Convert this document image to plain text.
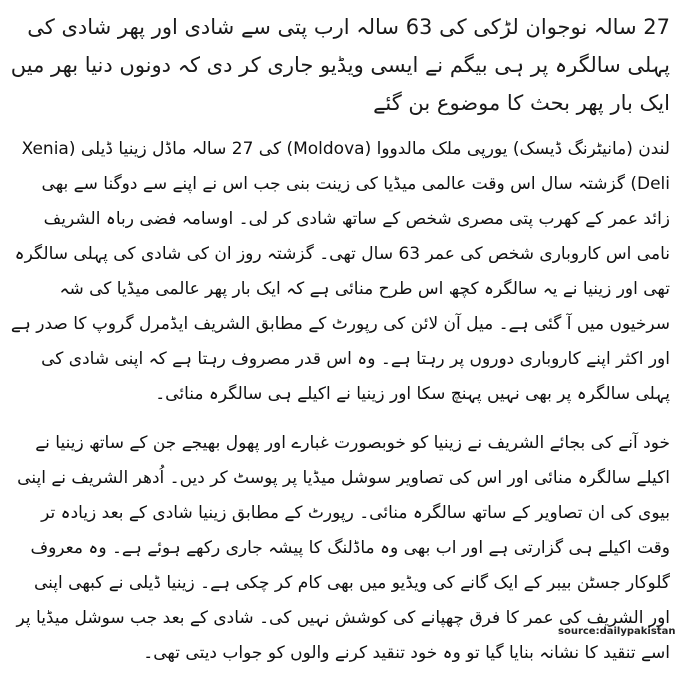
27 سالہ نوجوان لڑکی کی 63 سالہ ارب پتی سے شادی اور پھر شادی کی پہلی سالگرہ پر ہی بیگم نے ایسی ویڈیو جاری کر دی کہ دونوں دنیا بھر میں ایک بار پھر بحث کا موضوع بن گئے

لندن (مانیٹرنگ ڈیسک) یورپی ملک مالدووا (Moldova) کی 27 سالہ ماڈل زینیا ڈیلی (Xenia Deli) گزشتہ سال اس وقت عالمی میڈیا کی زینت بنی جب اس نے اپنے سے دوگنا سے بھی زائد عمر کے کھرب پتی مصری شخص کے ساتھ شادی کر لی۔ اوسامہ فضی رباہ الشریف نامی اس کاروباری شخص کی عمر 63 سال تھی۔ گزشتہ روز ان کی شادی کی پہلی سالگرہ تھی اور زینیا نے یہ سالگرہ کچھ اس طرح منائی ہے کہ ایک بار پھر عالمی میڈیا کی شہ سرخیوں میں آ گئی ہے۔ میل آن لائن کی رپورٹ کے مطابق الشریف ایڈمرل گروپ کا صدر ہے اور اکثر اپنے کاروباری دوروں پر رہتا ہے۔ وہ اس قدر مصروف رہتا ہے کہ اپنی شادی کی پہلی سالگرہ پر بھی نہیں پہنچ سکا اور زینیا نے اکیلے ہی سالگرہ منائی۔

خود آنے کی بجائے الشریف نے زینیا کو خوبصورت غبارے اور پھول بھیجے جن کے ساتھ زینیا نے اکیلے سالگرہ منائی اور اس کی تصاویر سوشل میڈیا پر پوسٹ کر دیں۔ اُدھر الشریف نے اپنی بیوی کی ان تصاویر کے ساتھ سالگرہ منائی۔ رپورٹ کے مطابق زینیا شادی کے بعد زیادہ تر وقت اکیلے ہی گزارتی ہے اور اب بھی وہ ماڈلنگ کا پیشہ جاری رکھے ہوئے ہے۔ وہ معروف گلوکار جسٹن بیبر کے ایک گانے کی ویڈیو میں بھی کام کر چکی ہے۔ زینیا ڈیلی نے کبھی اپنی اور الشریف کی عمر کا فرق چھپانے کی کوشش نہیں کی۔ شادی کے بعد جب سوشل میڈیا پر اسے تنقید کا نشانہ بنایا گیا تو وہ خود تنقید کرنے والوں کو جواب دیتی تھی۔

source:dailypakistan
